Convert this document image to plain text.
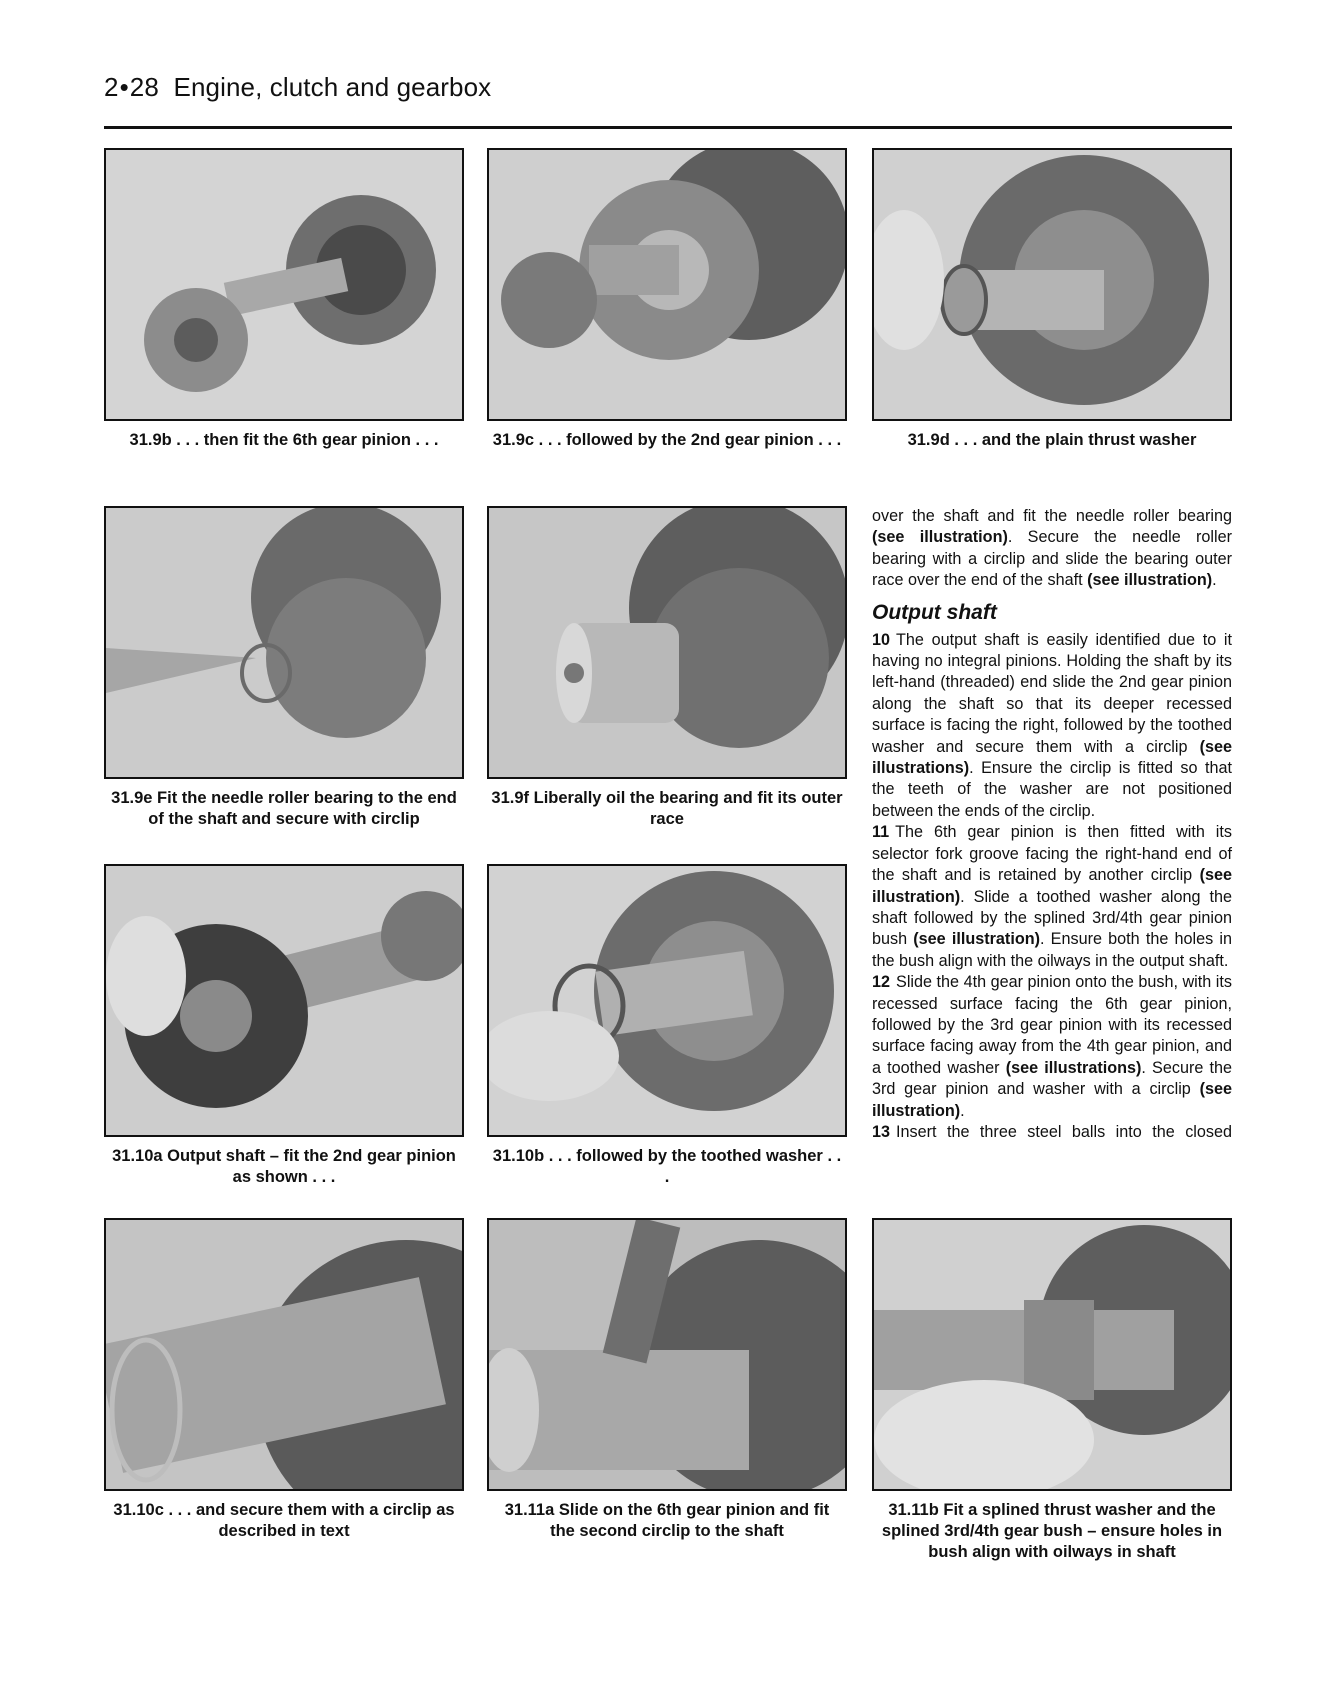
2•28 Engine, clutch and gearbox
31.9b . . . then fit the 6th gear pinion . . .	31.9c . . . followed by the 2nd gear pinion . . .	31.9d . . . and the plain thrust washer
31.9e Fit the needle roller bearing to the end of the shaft and secure with circlip
31.9f Liberally oil the bearing and fit its outer race

over the shaft and fit the needle roller bearing (see illustration). Secure the needle roller bearing with a circlip and slide the bearing outer race over the end of the shaft (see illustration).

Output shaft

10 The output shaft is easily identified due to it having no integral pinions. Holding the shaft by its left-hand (threaded) end slide the 2nd gear pinion along the shaft so that its deeper recessed surface is facing the right, followed by the toothed washer and secure them with a circlip (see illustrations). Ensure the circlip is fitted so that the teeth of the washer are not positioned between the ends of the circlip.

11 The 6th gear pinion is then fitted with its selector fork groove facing the right-hand end of the shaft and is retained by another circlip (see illustration). Slide a toothed washer along the shaft followed by the splined 3rd/4th gear pinion bush (see illustration). Ensure both the holes in the bush align with the oilways in the output shaft.

12 Slide the 4th gear pinion onto the bush, with its recessed surface facing the 6th gear pinion, followed by the 3rd gear pinion with its recessed surface facing away from the 4th gear pinion, and a toothed washer (see illustrations). Secure the 3rd gear pinion and washer with a circlip (see illustration).

13 Insert the three steel balls into the closed

31.10a Output shaft – fit the 2nd gear pinion as shown . . .
31.10b . . . followed by the toothed washer . . .
31.10c . . . and secure them with a circlip as described in text
31.11a Slide on the 6th gear pinion and fit the second circlip to the shaft
31.11b Fit a splined thrust washer and the splined 3rd/4th gear bush – ensure holes in bush align with oilways in shaft
